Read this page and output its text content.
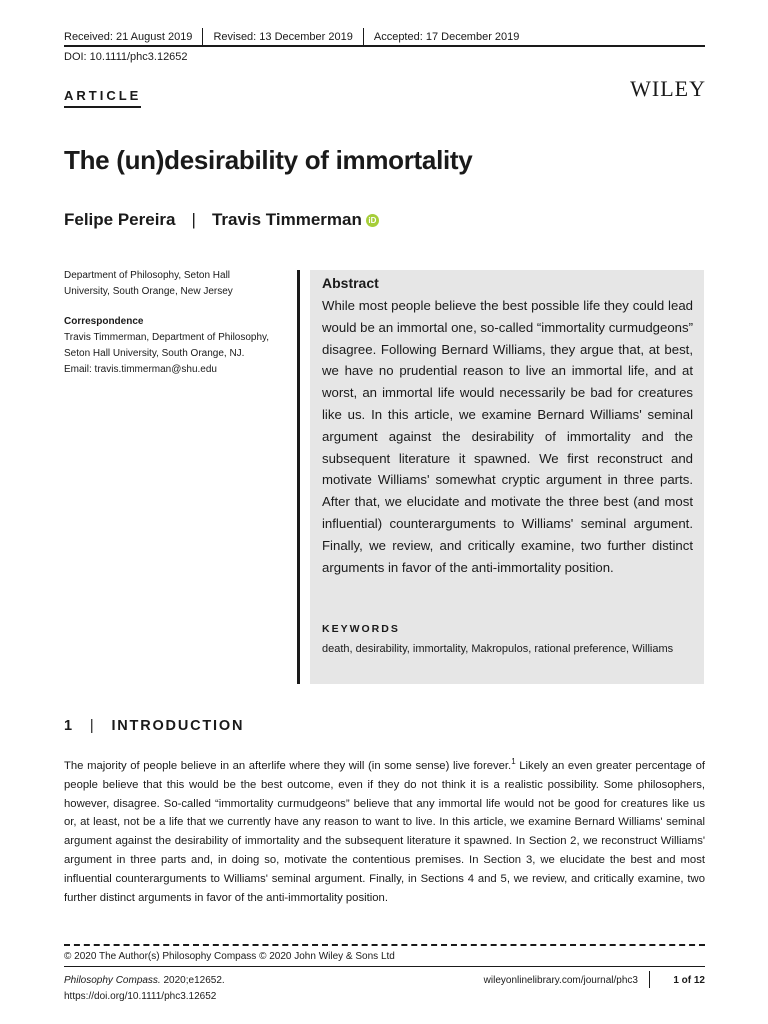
Received: 21 August 2019 Revised: 13 December 2019 Accepted: 17 December 2019
DOI: 10.1111/phc3.12652
ARTICLE	WILEY
The (un)desirability of immortality
Felipe Pereira | Travis Timmerman iD
Department of Philosophy, Seton Hall University, South Orange, New Jersey
Correspondence
Travis Timmerman, Department of Philosophy, Seton Hall University, South Orange, NJ.
Email: travis.timmerman@shu.edu
Abstract
While most people believe the best possible life they could lead would be an immortal one, so-called “immortality curmudgeons” disagree. Following Bernard Williams, they argue that, at best, we have no prudential reason to live an immortal life, and at worst, an immortal life would necessarily be bad for creatures like us. In this article, we examine Bernard Williams' seminal argument against the desirability of immortality and the subsequent literature it spawned. We first reconstruct and motivate Williams' somewhat cryptic argument in three parts. After that, we elucidate and motivate the three best (and most influential) counterarguments to Williams' seminal argument. Finally, we review, and critically examine, two further distinct arguments in favor of the anti-immortality position.
KEYWORDS
death, desirability, immortality, Makropulos, rational preference, Williams
1 | INTRODUCTION
The majority of people believe in an afterlife where they will (in some sense) live forever.$^1$ Likely an even greater percentage of people believe that this would be the best outcome, even if they do not think it is a realistic possibility. Some philosophers, however, disagree. So-called “immortality curmudgeons” believe that any immortal life would not be good for creatures like us or, at least, not be a life that we currently have any reason to want to live. In this article, we examine Bernard Williams' seminal argument against the desirability of immortality and the subsequent literature it spawned. In Section 2, we reconstruct Williams' argument in three parts and, in doing so, motivate the contentious premises. In Section 3, we elucidate the best and most influential counterarguments to Williams' seminal argument. Finally, in Sections 4 and 5, we review, and critically examine, two further distinct arguments in favor of the anti-immortality position.
© 2020 The Author(s) Philosophy Compass © 2020 John Wiley & Sons Ltd
Philosophy Compass. 2020;e12652.
https://doi.org/10.1111/phc3.12652
wileyonlinelibrary.com/journal/phc3	1 of 12
